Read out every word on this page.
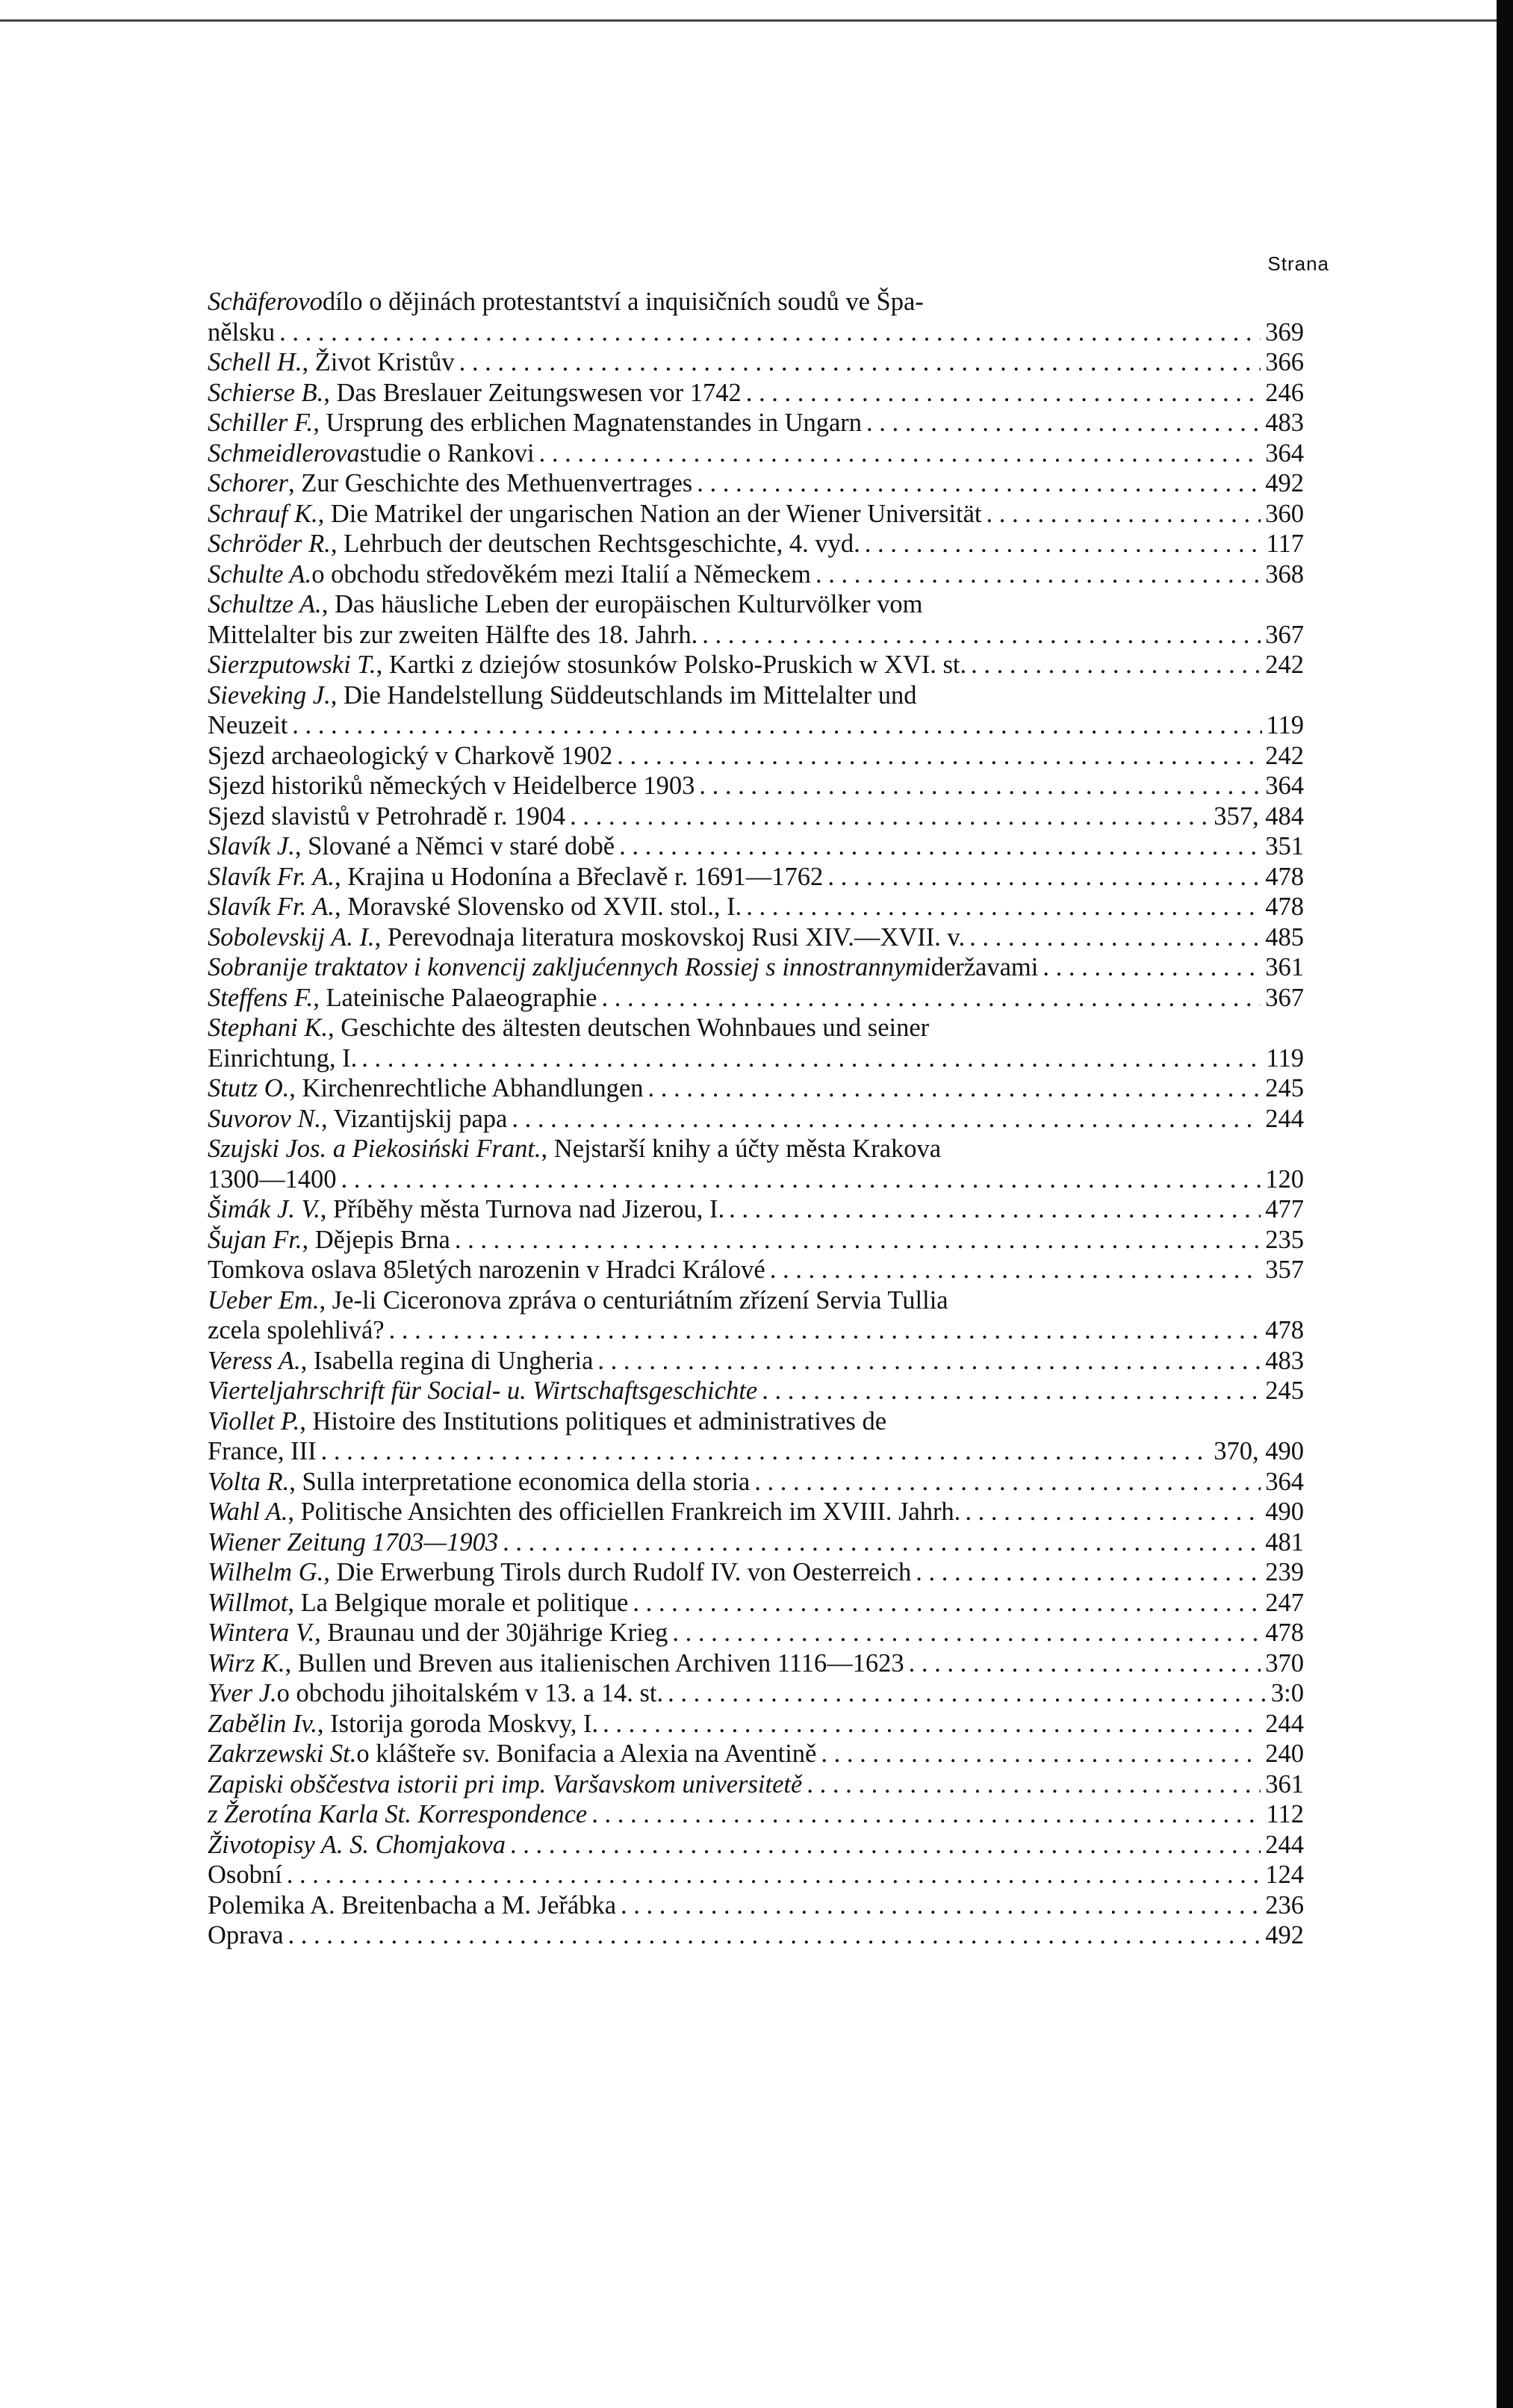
Strana
Schäferovo dílo o dějinách protestantství a inquisičních soudů ve Špa-
nělsku . . .	369
Schell H. , Život Kristův . . .	366
Schierse B. , Das Breslauer Zeitungswesen vor 1742 . . .	246
Schiller F. , Ursprung des erblichen Magnatenstandes in Ungarn . . .	483
Schmeidlerova studie o Rankovi . . .	364
Schorer , Zur Geschichte des Methuenvertrages . . .	492
Schrauf K. , Die Matrikel der ungarischen Nation an der Wiener Universität . . .	360
Schröder R. , Lehrbuch der deutschen Rechtsgeschichte, 4. vyd. . . .	117
Schulte A. o obchodu středověkém mezi Italií a Německem . . .	368
Schultze A. , Das häusliche Leben der europäischen Kulturvölker vom
Mittelalter bis zur zweiten Hälfte des 18. Jahrh. . . .	367
Sierzputowski T. , Kartki z dziejów stosunków Polsko-Pruskich w XVI. st. . . .	242
Sieveking J. , Die Handelstellung Süddeutschlands im Mittelalter und
Neuzeit . . .	119
Sjezd archaeologický v Charkově 1902 . . .	242
Sjezd historiků německých v Heidelberce 1903 . . .	364
Sjezd slavistů v Petrohradě r. 1904 . . .	357, 484
Slavík J. , Slované a Němci v staré době . . .	351
Slavík Fr. A. , Krajina u Hodonína a Břeclavě r. 1691—1762 . . .	478
Slavík Fr. A. , Moravské Slovensko od XVII. stol., I. . . .	478
Sobolevskij A. I. , Perevodnaja literatura moskovskoj Rusi XIV.—XVII. v. . . .	485
Sobranije traktatov i konvencij zakljućennych Rossiej s innostrannymi deržavami . . .	361
Steffens F. , Lateinische Palaeographie . . .	367
Stephani K. , Geschichte des ältesten deutschen Wohnbaues und seiner
Einrichtung, I. . . .	119
Stutz O. , Kirchenrechtliche Abhandlungen . . .	245
Suvorov N. , Vizantijskij papa . . .	244
Szujski Jos. a Piekosiński Frant. , Nejstarší knihy a účty města Krakova
1300—1400 . . .	120
Šimák J. V. , Příběhy města Turnova nad Jizerou, I. . . .	477
Šujan Fr. , Dějepis Brna . . .	235
Tomkova oslava 85letých narozenin v Hradci Králové . . .	357
Ueber Em. , Je-li Ciceronova zpráva o centuriátním zřízení Servia Tullia
zcela spolehlivá? . . .	478
Veress A. , Isabella regina di Ungheria . . .	483
Vierteljahrschrift für Social- u. Wirtschaftsgeschichte . . .	245
Viollet P. , Histoire des Institutions politiques et administratives de
France, III . . .	370, 490
Volta R. , Sulla interpretatione economica della storia . . .	364
Wahl A. , Politische Ansichten des officiellen Frankreich im XVIII. Jahrh. . . .	490
Wiener Zeitung 1703—1903 . . .	481
Wilhelm G. , Die Erwerbung Tirols durch Rudolf IV. von Oesterreich . . .	239
Willmot , La Belgique morale et politique . . .	247
Wintera V. , Braunau und der 30jährige Krieg . . .	478
Wirz K. , Bullen und Breven aus italienischen Archiven 1116—1623 . . .	370
Yver J. o obchodu jihoitalském v 13. a 14. st. . . .	3:0
Zabělin Iv. , Istorija goroda Moskvy, I. . . .	244
Zakrzewski St. o klášteře sv. Bonifacia a Alexia na Aventině . . .	240
Zapiski obščestva istorii pri imp. Varšavskom universitetě . . .	361
z Žerotína Karla St. Korrespondence . . .	112
Životopisy A. S. Chomjakova . . .	244
Osobní . . .	124
Polemika A. Breitenbacha a M. Jeřábka . . .	236
Oprava . . .	492
